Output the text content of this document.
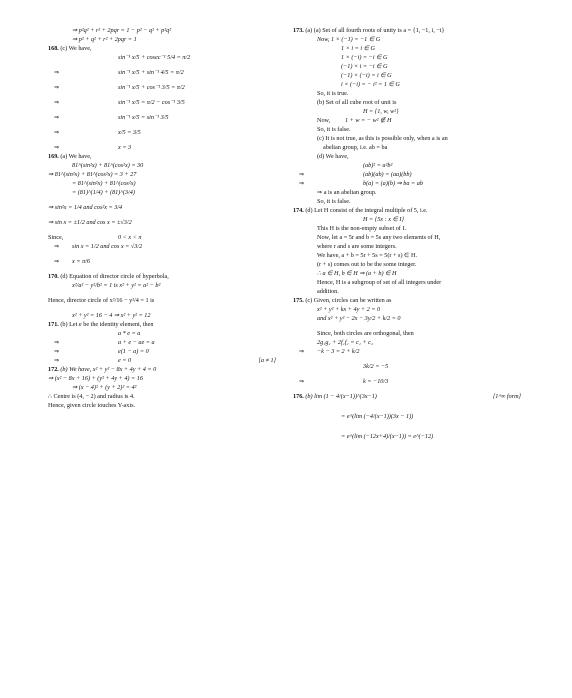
⇒ p²q² + r² + 2pqr = 1 − p² − q² + p²q²
⇒ p² + q² + r² + 2pqr = 1
168. (c) We have,
sin⁻¹ x/5 + cosec⁻¹ 5/4 = π/2
⇒	sin⁻¹ x/5 + sin⁻¹ 4/5 = π/2
⇒	sin⁻¹ x/5 + cos⁻¹ 3/5 = π/2
⇒	sin⁻¹ x/5 = π/2 − cos⁻¹ 3/5
⇒	sin⁻¹ x/5 = sin⁻¹ 3/5
⇒	x/5 = 3/5
⇒	x = 3
169. (a) We have,
81^(sin²x) + 81^(cos²x) = 30
⇒ 81^(sin²x) + 81^(cos²x) = 3 + 27
= 81^(sin²x) + 81^(cos²x)
= (81)^(1/4) + (81)^(3/4)
⇒ sin²x = 1/4 and cos²x = 3/4
⇒ sin x = ±1/2 and cos x = ±√3/2
Since,	0 < x < π
⇒ sin x = 1/2 and cos x = √3/2
⇒ x = π/6
170. (d) Equation of director circle of hyperbola,
x²/a² − y²/b² = 1 is x² + y² = a² − b²
Hence, director circle of x²/16 − y²/4 = 1 is
x² + y² = 16 − 4 ⇒ x² + y² = 12
171. (b) Let e be the identity element, then
a * e = a
⇒	a + e − ae = a
⇒	e(1 − a) = 0
⇒	e = 0	[a ≠ 1]
172. (b) We have, x² + y² − 8x + 4y + 4 = 0
⇒ (x² − 8x + 16) + (y² + 4y + 4) = 16
⇒ (x − 4)² + (y + 2)² = 4²
∴ Centre is (4, − 2) and radius is 4.
Hence, given circle touches Y-axis.
173. (a) (a) Set of all fourth roots of unity is a = {1, −1, i, −i}
Now, 1 × (−1) = −1 ∈ G
1 × i = i ∈ G
1 × (−i) = −i ∈ G
(−1) × i = −i ∈ G
(−1) × (−i) = i ∈ G
i × (−i) = − i² = 1 ∈ G
So, it is true.
(b) Set of all cube root of unit is
H = {1, w, w²}
Now, 1 + w = − w² ∉ H
So, it is false.
(c) It is not true, as this is possible only, when a is an
abelian group, i.e. ab = ba
(d) We have,
(ab)² = a²b²
⇒	(ab)(ab) = (aa)(bb)
⇒	b(a) = (a)(b) ⇒ ba = ab
⇒ a is an abelian group.
So, it is false.
174. (d) Let H consist of the integral multiple of 5, i.e.
H = {5x : x ∈ I}
This H is the non-empty subset of I.
Now, let a = 5r and b = 5s any two elements of H,
where r and s are some integers.
We have, a + b = 5r + 5s = 5(r + s) ∈ H.
(r + s) comes out to be the some integer.
∴ a ∈ H, b ∈ H ⇒ (a + b) ∈ H
Hence, H is a subgroup of set of all integers under
addition.
175. (c) Given, circles can be written as
x² + y² + kx + 4y + 2 = 0
and x² + y² − 2x − 3y/2 + k/2 = 0
Since, both circles are orthogonal, then
2g₁g₂ + 2f₁f₂ = c₁ + c₂
⇒ −k − 3 = 2 + k/2
3k/2 = −5
⇒	k = −10/3
176. (b) lim (1 − 4/(x−1))^(3x−1)	[1^∞ form]
= e^(lim (−4/(x−1))(3x − 1))
= e^(lim (−12x+4)/(x−1)) = e^(−12)
